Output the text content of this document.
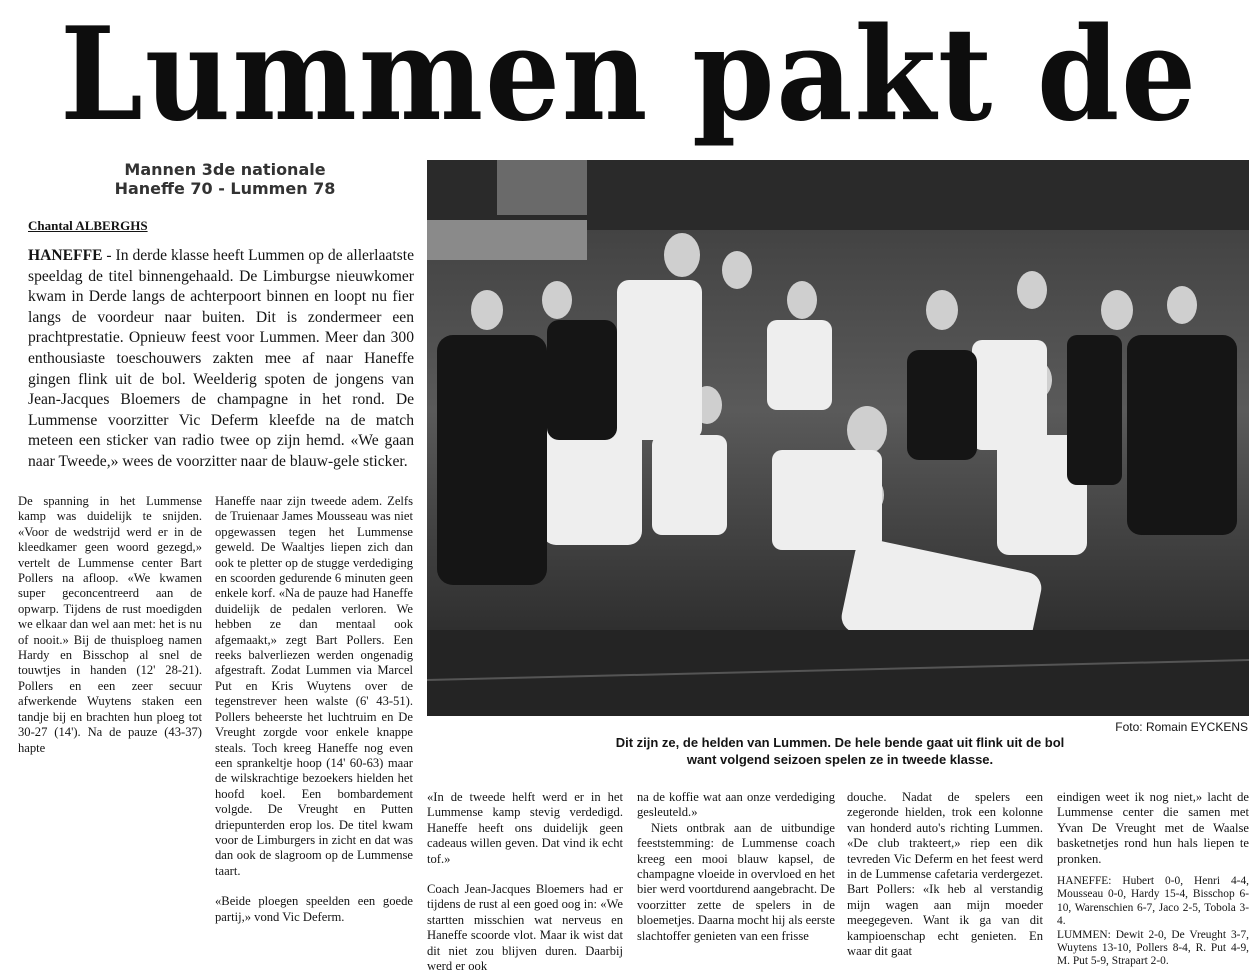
Lummen pakt de
Mannen 3de nationale
Haneffe 70 - Lummen 78
Chantal ALBERGHS
HANEFFE - In derde klasse heeft Lummen op de allerlaatste speeldag de titel binnengehaald. De Limburgse nieuwkomer kwam in Derde langs de achterpoort binnen en loopt nu fier langs de voordeur naar buiten. Dit is zondermeer een prachtprestatie. Opnieuw feest voor Lummen. Meer dan 300 enthousiaste toeschouwers zakten mee af naar Haneffe gingen flink uit de bol. Weelderig spoten de jongens van Jean-Jacques Bloemers de champagne in het rond. De Lummense voorzitter Vic Deferm kleefde na de match meteen een sticker van radio twee op zijn hemd. «We gaan naar Tweede,» wees de voorzitter naar de blauw-gele sticker.

De spanning in het Lummense kamp was duidelijk te snijden. «Voor de wedstrijd werd er in de kleedkamer geen woord gezegd,» vertelt de Lummense center Bart Pollers na afloop. «We kwamen super geconcentreerd aan de opwarp. Tijdens de rust moedigden we elkaar dan wel aan met: het is nu of nooit.» Bij de thuisploeg namen Hardy en Bisschop al snel de touwtjes in handen (12' 28-21). Pollers en een zeer secuur afwerkende Wuytens staken een tandje bij en brachten hun ploeg tot 30-27 (14'). Na de pauze (43-37) hapte

Haneffe naar zijn tweede adem. Zelfs de Truienaar James Mousseau was niet opgewassen tegen het Lummense geweld. De Waaltjes liepen zich dan ook te pletter op de stugge verdediging en scoorden gedurende 6 minuten geen enkele korf. «Na de pauze had Haneffe duidelijk de pedalen verloren. We hebben ze dan mentaal ook afgemaakt,» zegt Bart Pollers. Een reeks balverliezen werden ongenadig afgestraft. Zodat Lummen via Marcel Put en Kris Wuytens over de tegenstrever heen walste (6' 43-51). Pollers beheerste het luchtruim en De Vreught zorgde voor enkele knappe steals. Toch kreeg Haneffe nog even een sprankeltje hoop (14' 60-63) maar de wilskrachtige bezoekers hielden het hoofd koel. Een bombardement volgde. De Vreught en Putten driepunterden erop los. De titel kwam voor de Limburgers in zicht en dat was dan ook de slagroom op de Lummense taart.

«Beide ploegen speelden een goede partij,» vond Vic Deferm.

Foto: Romain EYCKENS
Dit zijn ze, de helden van Lummen. De hele bende gaat uit flink uit de bol want volgend seizoen spelen ze in tweede klasse.

«In de tweede helft werd er in het Lummense kamp stevig verdedigd. Haneffe heeft ons duidelijk geen cadeaus willen geven. Dat vind ik echt tof.»

Coach Jean-Jacques Bloemers had er tijdens de rust al een goed oog in: «We startten misschien wat nerveus en Haneffe scoorde vlot. Maar ik wist dat dit niet zou blijven duren. Daarbij werd er ook

na de koffie wat aan onze verdediging gesleuteld.»

Niets ontbrak aan de uitbundige feeststemming: de Lummense coach kreeg een mooi blauw kapsel, de champagne vloeide in overvloed en het bier werd voortdurend aangebracht. De voorzitter zette de spelers in de bloemetjes. Daarna mocht hij als eerste slachtoffer genieten van een frisse

douche. Nadat de spelers een zegeronde hielden, trok een kolonne van honderd auto's richting Lummen. «De club trakteert,» riep een dik tevreden Vic Deferm en het feest werd in de Lummense cafetaria verdergezet. Bart Pollers: «Ik heb al verstandig mijn wagen aan mijn moeder meegegeven. Want ik ga van dit kampioenschap echt genieten. En waar dit gaat

eindigen weet ik nog niet,» lacht de Lummense center die samen met Yvan De Vreught met de Waalse basketnetjes rond hun hals liepen te pronken.

HANEFFE: Hubert 0-0, Henri 4-4, Mousseau 0-0, Hardy 15-4, Bisschop 6-10, Warenschien 6-7, Jaco 2-5, Tobola 3-4.
LUMMEN: Dewit 2-0, De Vreught 3-7, Wuytens 13-10, Pollers 8-4, R. Put 4-9, M. Put 5-9, Strapart 2-0.
